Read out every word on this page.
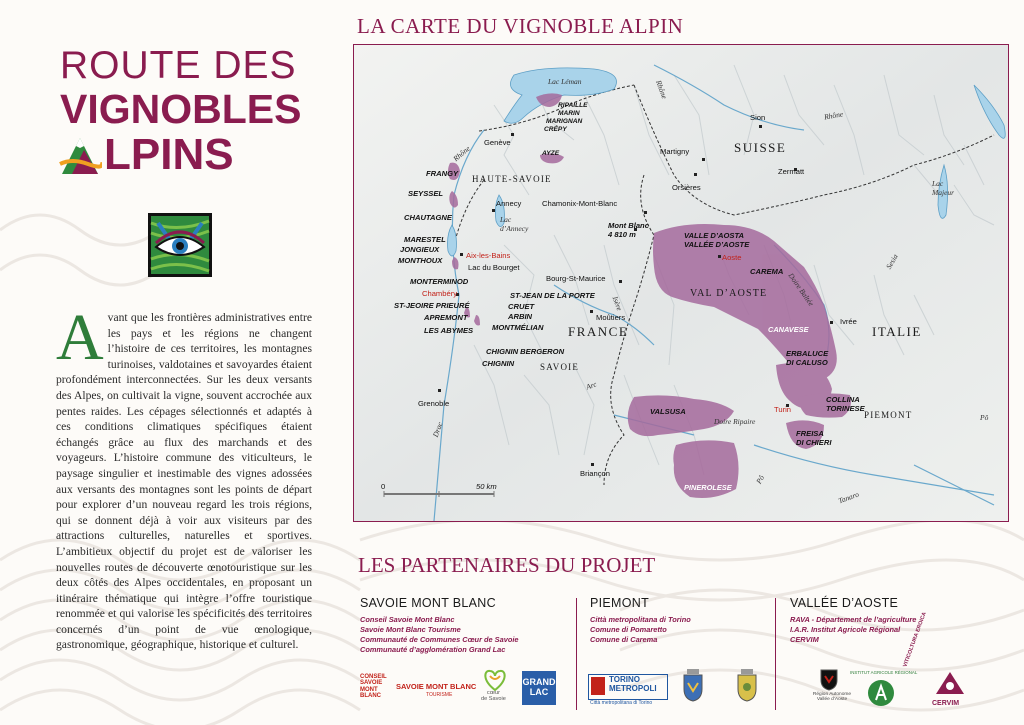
ROUTE DES
VIGNOBLES
LPINS
A vant que les frontières administratives entre les pays et les régions ne changent l’histoire de ces territoires, les montagnes turinoises, valdotaines et savoyardes étaient profondément interconnectées. Sur les deux versants des Alpes, on cultivait la vigne, souvent accrochée aux pentes raides. Les cépages sélectionnés et adaptés à ces conditions climatiques spécifiques étaient échangés grâce au flux des marchands et des voyageurs. L’histoire commune des viticulteurs, le paysage singulier et inestimable des vignes adossées aux versants des montagnes sont les points de départ pour explorer d’un nouveau regard les trois régions, qui se donnent déjà à voir aux visiteurs par des attractions culturelles, naturelles et sportives. L’ambitieux objectif du projet est de valoriser les nouvelles routes de découverte œnotouristique sur les deux côtés des Alpes occidentales, en proposant un itinéraire thématique qui intègre l’offre touristique renommée et qui valorise les spécificités des territoires concernés d’un point de vue œnologique, gastronomique, géographique, historique et culturel.
LA CARTE DU VIGNOBLE ALPIN
Lac Léman
RIPAILLE
MARIN
MARIGNAN
CRÉPY
Genève
AYZE
Rhône
Rhône
Rhône
Sion
Martigny	SUISSE
Orsières
Zermatt
Lac
Majeur
FRANGY
HAUTE-SAVOIE
SEYSSEL
Annecy	Chamonix-Mont-Blanc
Lac
d’Annecy
CHAUTAGNE
Mont Blanc
4 810 m	VALLE D’AOSTA
VALLÉE D’AOSTE
Aoste
MARESTEL
JONGIEUX
MONTHOUX
Aix-les-Bains
Lac du Bourget	CAREMA Doire Baltée
Sesia
Bourg-St-Maurice
MONTERMINOD
Chambéry	VAL D’AOSTE
ST-JEAN DE LA PORTE
ST-JEOIRE PRIEURÉ	CRUET
APREMONT	ARBIN
Isère
Ivrée
MONTMÉLIAN
LES ABYMES
Moûtiers
FRANCE	CANAVESE	ITALIE
CHIGNIN BERGERON	ERBALUCE
DI CALUSO
CHIGNIN	SAVOIE
Arc
Grenoble
VALSUSA	Turin
COLLINA
TORINESE
PIEMONT
Drac	Doire Ripaire
FREISA
DI CHIERI
Pô
Pô
Briançon
PINEROLESE
Tanaro
0	50 km
LES PARTENAIRES DU PROJET
SAVOIE MONT BLANC
Conseil Savoie Mont Blanc
Savoie Mont Blanc Tourisme
Communauté de Communes Cœur de Savoie
Communauté d’agglomération Grand Lac
CONSEIL
SAVOIE
MONT
BLANC
SAVOIE MONT BLANC
TOURISME	cœur
de Savoie
GRAND
LAC
PIEMONT
Città metropolitana di Torino
Comune di Pomaretto
Comune di Carema
TORINO
METROPOLI
Città metropolitana di Torino
VALLÉE D’AOSTE
RAVA - Département de l’agriculture
I.A.R. Institut Agricole Régional
CERVIM
Région Autonome
Vallée d’Aoste
INSTITUT AGRICOLE RÉGIONAL
VITICOLTURA EROICA
CERVIM
